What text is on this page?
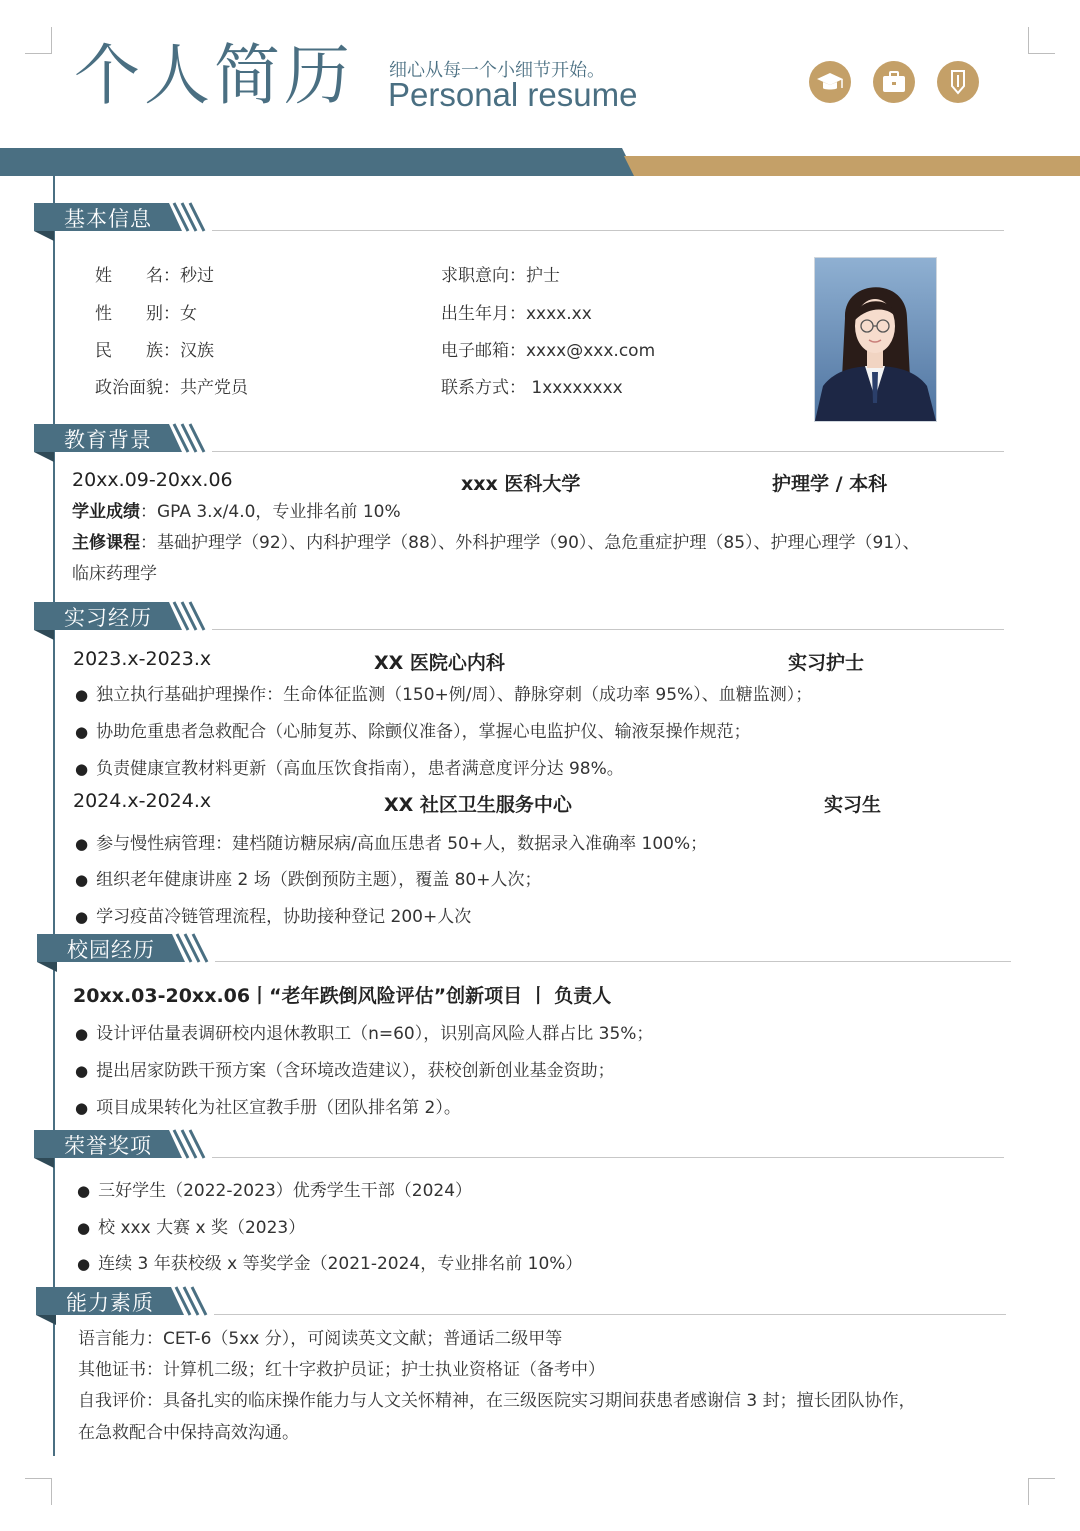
个人简历 细心从每一个小细节开始。
Personal resume
基本信息
姓　　名：秒过
性　　别：女
民　　族：汉族
政治面貌：共产党员
求职意向：护士
出生年月：xxxx.xx
电子邮箱：xxxx@xxx.com
联系方式： 1xxxxxxxx
教育背景
20xx.09-20xx.06	xxx 医科大学	护理学 / 本科
学业成绩：GPA 3.x/4.0，专业排名前 10%
主修课程：基础护理学（92）、内科护理学（88）、外科护理学（90）、急危重症护理（85）、护理心理学（91）、
临床药理学
实习经历
2023.x-2023.x	XX 医院心内科	实习护士
● 独立执行基础护理操作：生命体征监测（150+例/周）、静脉穿刺（成功率 95%）、血糖监测）；
● 协助危重患者急救配合（心肺复苏、除颤仪准备），掌握心电监护仪、输液泵操作规范；
● 负责健康宣教材料更新（高血压饮食指南），患者满意度评分达 98%。
2024.x-2024.x	XX 社区卫生服务中心	实习生
● 参与慢性病管理：建档随访糖尿病/高血压患者 50+人，数据录入准确率 100%；
● 组织老年健康讲座 2 场（跌倒预防主题），覆盖 80+人次；
● 学习疫苗冷链管理流程，协助接种登记 200+人次
校园经历
20xx.03-20xx.06丨“老年跌倒风险评估”创新项目 丨 负责人
● 设计评估量表调研校内退休教职工（n=60），识别高风险人群占比 35%；
● 提出居家防跌干预方案（含环境改造建议），获校创新创业基金资助；
● 项目成果转化为社区宣教手册（团队排名第 2）。
荣誉奖项
● 三好学生（2022-2023）优秀学生干部（2024）
● 校 xxx 大赛 x 奖（2023）
● 连续 3 年获校级 x 等奖学金（2021-2024，专业排名前 10%）
能力素质
语言能力：CET-6（5xx 分），可阅读英文文献；普通话二级甲等
其他证书：计算机二级；红十字救护员证；护士执业资格证（备考中）
自我评价：具备扎实的临床操作能力与人文关怀精神，在三级医院实习期间获患者感谢信 3 封；擅长团队协作，
在急救配合中保持高效沟通。
